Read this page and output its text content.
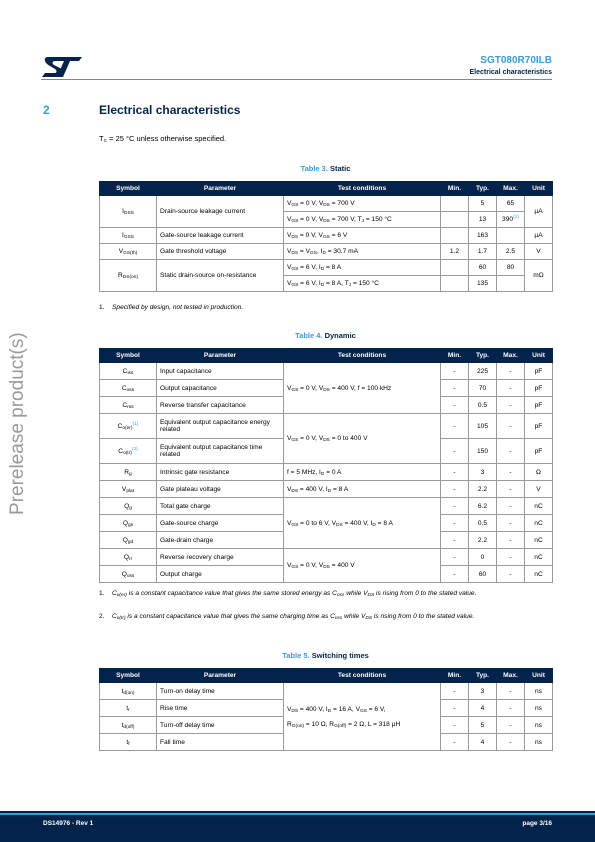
SGT080R70ILB
Electrical characteristics
2	Electrical characteristics
$T_C = 25$ °C unless otherwise specified.
Prerelease product(s)
Table 3. Static
Symbol	Parameter	Test conditions	Min.	Typ.	Max.	Unit
$I_{DSS}$	Drain-source leakage current	$V_{GS} = 0$ V, $V_{DS} = 700$ V		5	65	µA
		$V_{GS} = 0$ V, $V_{DS} = 700$ V, $T_J = 150$ °C		13	390$^{(1)}$
$I_{GSS}$	Gate-source leakage current	$V_{DS} = 0$ V, $V_{GS} = 6$ V		163		µA
$V_{GS(th)}$	Gate threshold voltage	$V_{DS} = V_{GS}$, $I_D = 30.7$ mA	1.2	1.7	2.5	V
$R_{DS(on)}$	Static drain-source on-resistance	$V_{GS} = 6$ V, $I_D = 8$ A		60	80	mΩ
		$V_{GS} = 6$ V, $I_D = 8$ A, $T_J = 150$ °C		135		
1. Specified by design, not tested in production.
Table 4. Dynamic
Symbol	Parameter	Test conditions	Min.	Typ.	Max.	Unit
$C_{iss}$	Input capacitance	$V_{GS} = 0$ V, $V_{DS} = 400$ V, f = 100 kHz	-	225	-	pF
$C_{oss}$	Output capacitance		-	70	-	pF
$C_{rss}$	Reverse transfer capacitance		-	0.5	-	pF
$C_{o(er)}^{(1)}$	Equivalent output capacitance energy related	$V_{GS} = 0$ V, $V_{DS} = 0$ to 400 V	-	105	-	pF
$C_{o(tr)}^{(2)}$	Equivalent output capacitance time related		-	150	-	pF
$R_g$	Intrinsic gate resistance	f = 5 MHz, $I_D = 0$ A	-	3	-	Ω
$V_{plat}$	Gate plateau voltage	$V_{DS} = 400$ V, $I_D = 8$ A	-	2.2	-	V
$Q_g$	Total gate charge	$V_{GS} = 0$ to 6 V, $V_{DS} = 400$ V, $I_D = 8$ A	-	6.2	-	nC
$Q_{gs}$	Gate-source charge		-	0.5	-	nC
$Q_{gd}$	Gate-drain charge		-	2.2	-	nC
$Q_{rr}$	Reverse recovery charge	$V_{GS} = 0$ V, $V_{DS} = 400$ V	-	0	-	nC
$Q_{oss}$	Output charge		-	60	-	nC
1. $C_{o(er)}$ is a constant capacitance value that gives the same stored energy as $C_{oss}$ while $V_{DS}$ is rising from 0 to the stated value.
2. $C_{o(tr)}$ is a constant capacitance value that gives the same charging time as $C_{oss}$ while $V_{DS}$ is rising from 0 to the stated value.
Table 5. Switching times
Symbol	Parameter	Test conditions	Min.	Typ.	Max.	Unit
$t_{d(on)}$	Turn-on delay time	$V_{DS} = 400$ V, $I_D = 16$ A, $V_{GS} = 6$ V,
$R_{G(on)} = 10$ Ω, $R_{G(off)} = 2$ Ω, L = 318 µH	-	3	-	ns
$t_r$	Rise time		-	4	-	ns
$t_{d(off)}$	Turn-off delay time		-	5	-	ns
$t_f$	Fall time		-	4	-	ns
DS14976 - Rev 1	page 3/16
